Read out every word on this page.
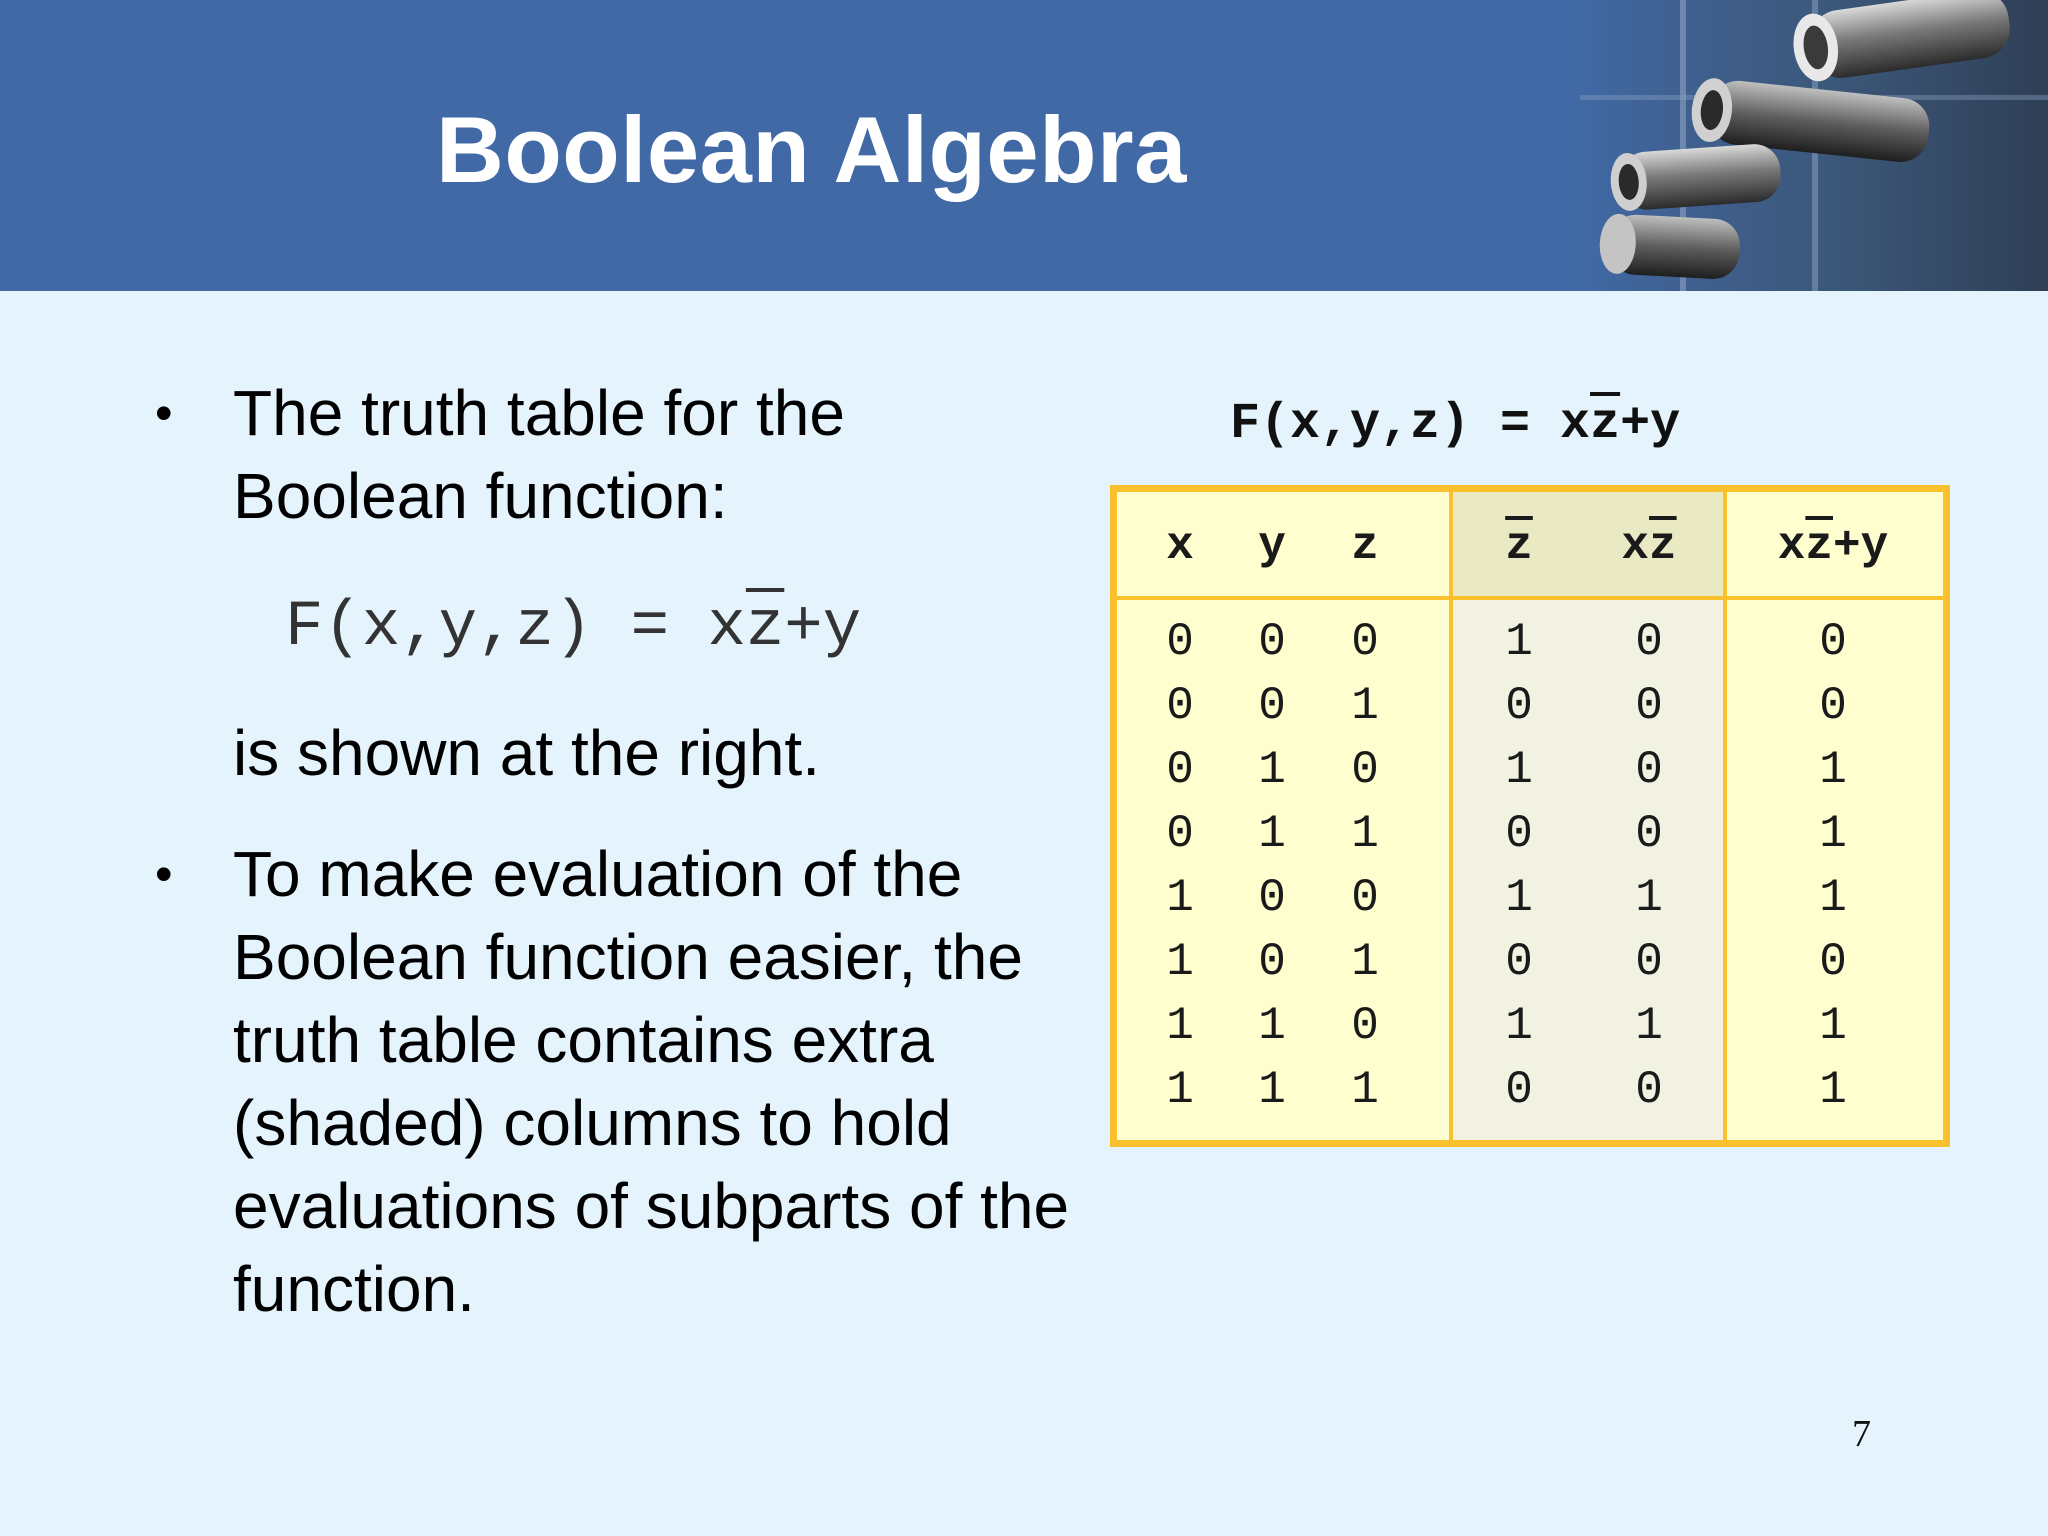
Boolean Algebra
• The truth table for the Boolean function:
$F(x,y,z) = x\overline{z}+y$
is shown at the right.
• To make evaluation of the Boolean function easier, the truth table contains extra (shaded) columns to hold evaluations of subparts of the function.
$F(x,y,z) = x\overline{z}+y$
x	y	z	$\overline{z}$	$x\overline{z}$	$x\overline{z}+y$
0	0	0	1	0	0
0	0	1	0	0	0
0	1	0	1	0	1
0	1	1	0	0	1
1	0	0	1	1	1
1	0	1	0	0	0
1	1	0	1	1	1
1	1	1	0	0	1
7
